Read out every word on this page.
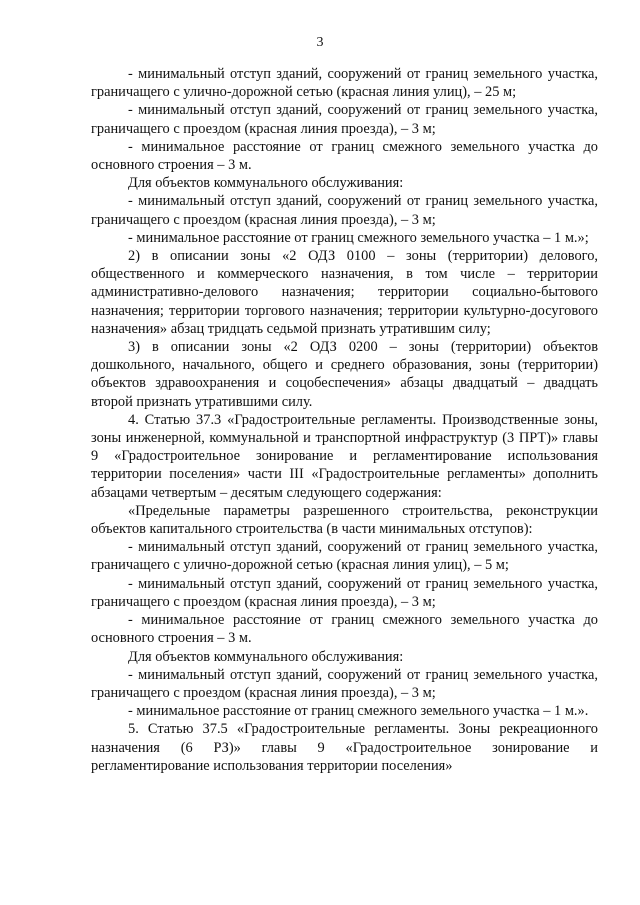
3

- минимальный отступ зданий, сооружений от границ земельного участка, граничащего с улично-дорожной сетью (красная линия улиц), – 25 м;

- минимальный отступ зданий, сооружений от границ земельного участка, граничащего с проездом (красная линия проезда), – 3 м;

- минимальное расстояние от границ смежного земельного участка до основного строения – 3 м.

Для объектов коммунального обслуживания:

- минимальный отступ зданий, сооружений от границ земельного участка, граничащего с проездом (красная линия проезда), – 3 м;

- минимальное расстояние от границ смежного земельного участка – 1 м.»;

2) в описании зоны «2 ОДЗ 0100 – зоны (территории) делового, общественного и коммерческого назначения, в том числе – территории административно-делового назначения; территории социально-бытового назначения; территории торгового назначения; территории культурно-досугового назначения» абзац тридцать седьмой признать утратившим силу;

3) в описании зоны «2 ОДЗ 0200 – зоны (территории) объектов дошкольного, начального, общего и среднего образования, зоны (территории) объектов здравоохранения и соцобеспечения» абзацы двадцатый – двадцать второй признать утратившими силу.

4. Статью 37.3 «Градостроительные регламенты. Производственные зоны, зоны инженерной, коммунальной и транспортной инфраструктур (3 ПРТ)» главы 9 «Градостроительное зонирование и регламентирование использования территории поселения» части III «Градостроительные регламенты» дополнить абзацами четвертым – десятым следующего содержания:

«Предельные параметры разрешенного строительства, реконструкции объектов капитального строительства (в части минимальных отступов):

- минимальный отступ зданий, сооружений от границ земельного участка, граничащего с улично-дорожной сетью (красная линия улиц), – 5 м;

- минимальный отступ зданий, сооружений от границ земельного участка, граничащего с проездом (красная линия проезда), – 3 м;

- минимальное расстояние от границ смежного земельного участка до основного строения – 3 м.

Для объектов коммунального обслуживания:

- минимальный отступ зданий, сооружений от границ земельного участка, граничащего с проездом (красная линия проезда), – 3 м;

- минимальное расстояние от границ смежного земельного участка – 1 м.».

5. Статью 37.5 «Градостроительные регламенты. Зоны рекреационного назначения (6 РЗ)» главы 9 «Градостроительное зонирование и регламентирование использования территории поселения»
